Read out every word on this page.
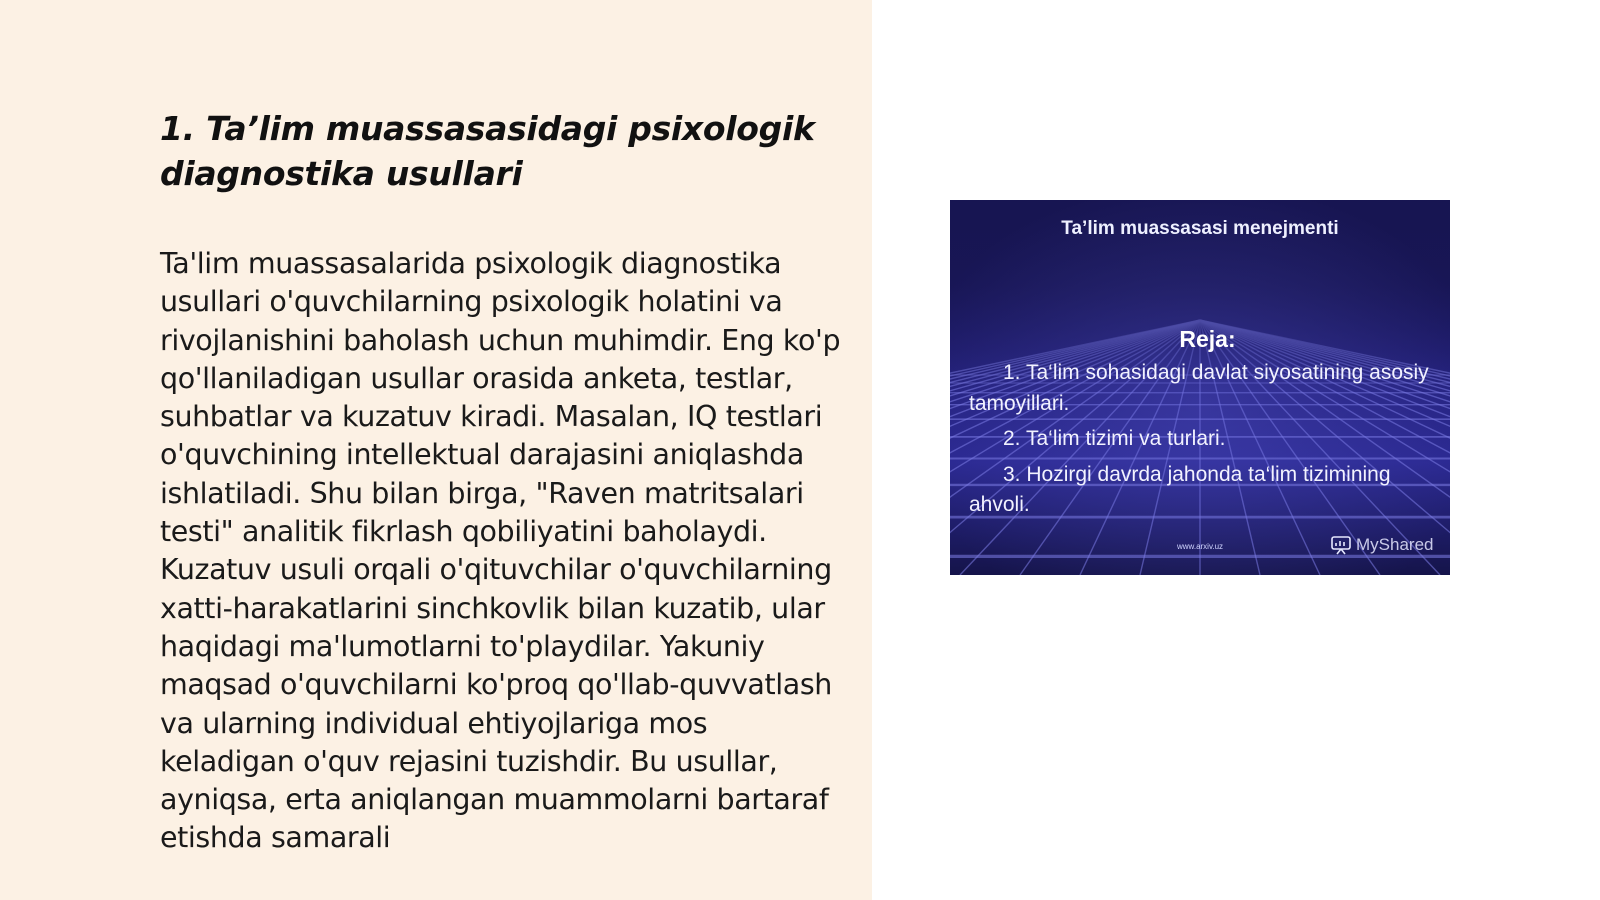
1. Ta’lim muassasasidagi psixologik diagnostika usullari

Ta'lim muassasalarida psixologik diagnostika usullari o'quvchilarning psixologik holatini va rivojlanishini baholash uchun muhimdir. Eng ko'p qo'llaniladigan usullar orasida anketa, testlar, suhbatlar va kuzatuv kiradi. Masalan, IQ testlari o'quvchining intellektual darajasini aniqlashda ishlatiladi. Shu bilan birga, "Raven matritsalari testi" analitik fikrlash qobiliyatini baholaydi. Kuzatuv usuli orqali o'qituvchilar o'quvchilarning xatti-harakatlarini sinchkovlik bilan kuzatib, ular haqidagi ma'lumotlarni to'playdilar. Yakuniy maqsad o'quvchilarni ko'proq qo'llab-quvvatlash va ularning individual ehtiyojlariga mos keladigan o'quv rejasini tuzishdir. Bu usullar, ayniqsa, erta aniqlangan muammolarni bartaraf etishda samarali

Ta’lim muassasasi menejmenti
Reja:
1. Ta‘lim sohasidagi davlat siyosatining asosiy tamoyillari.
2. Ta‘lim tizimi va turlari.
3. Hozirgi davrda jahonda ta‘lim tizimining ahvoli.
www.arxiv.uz	MyShared
